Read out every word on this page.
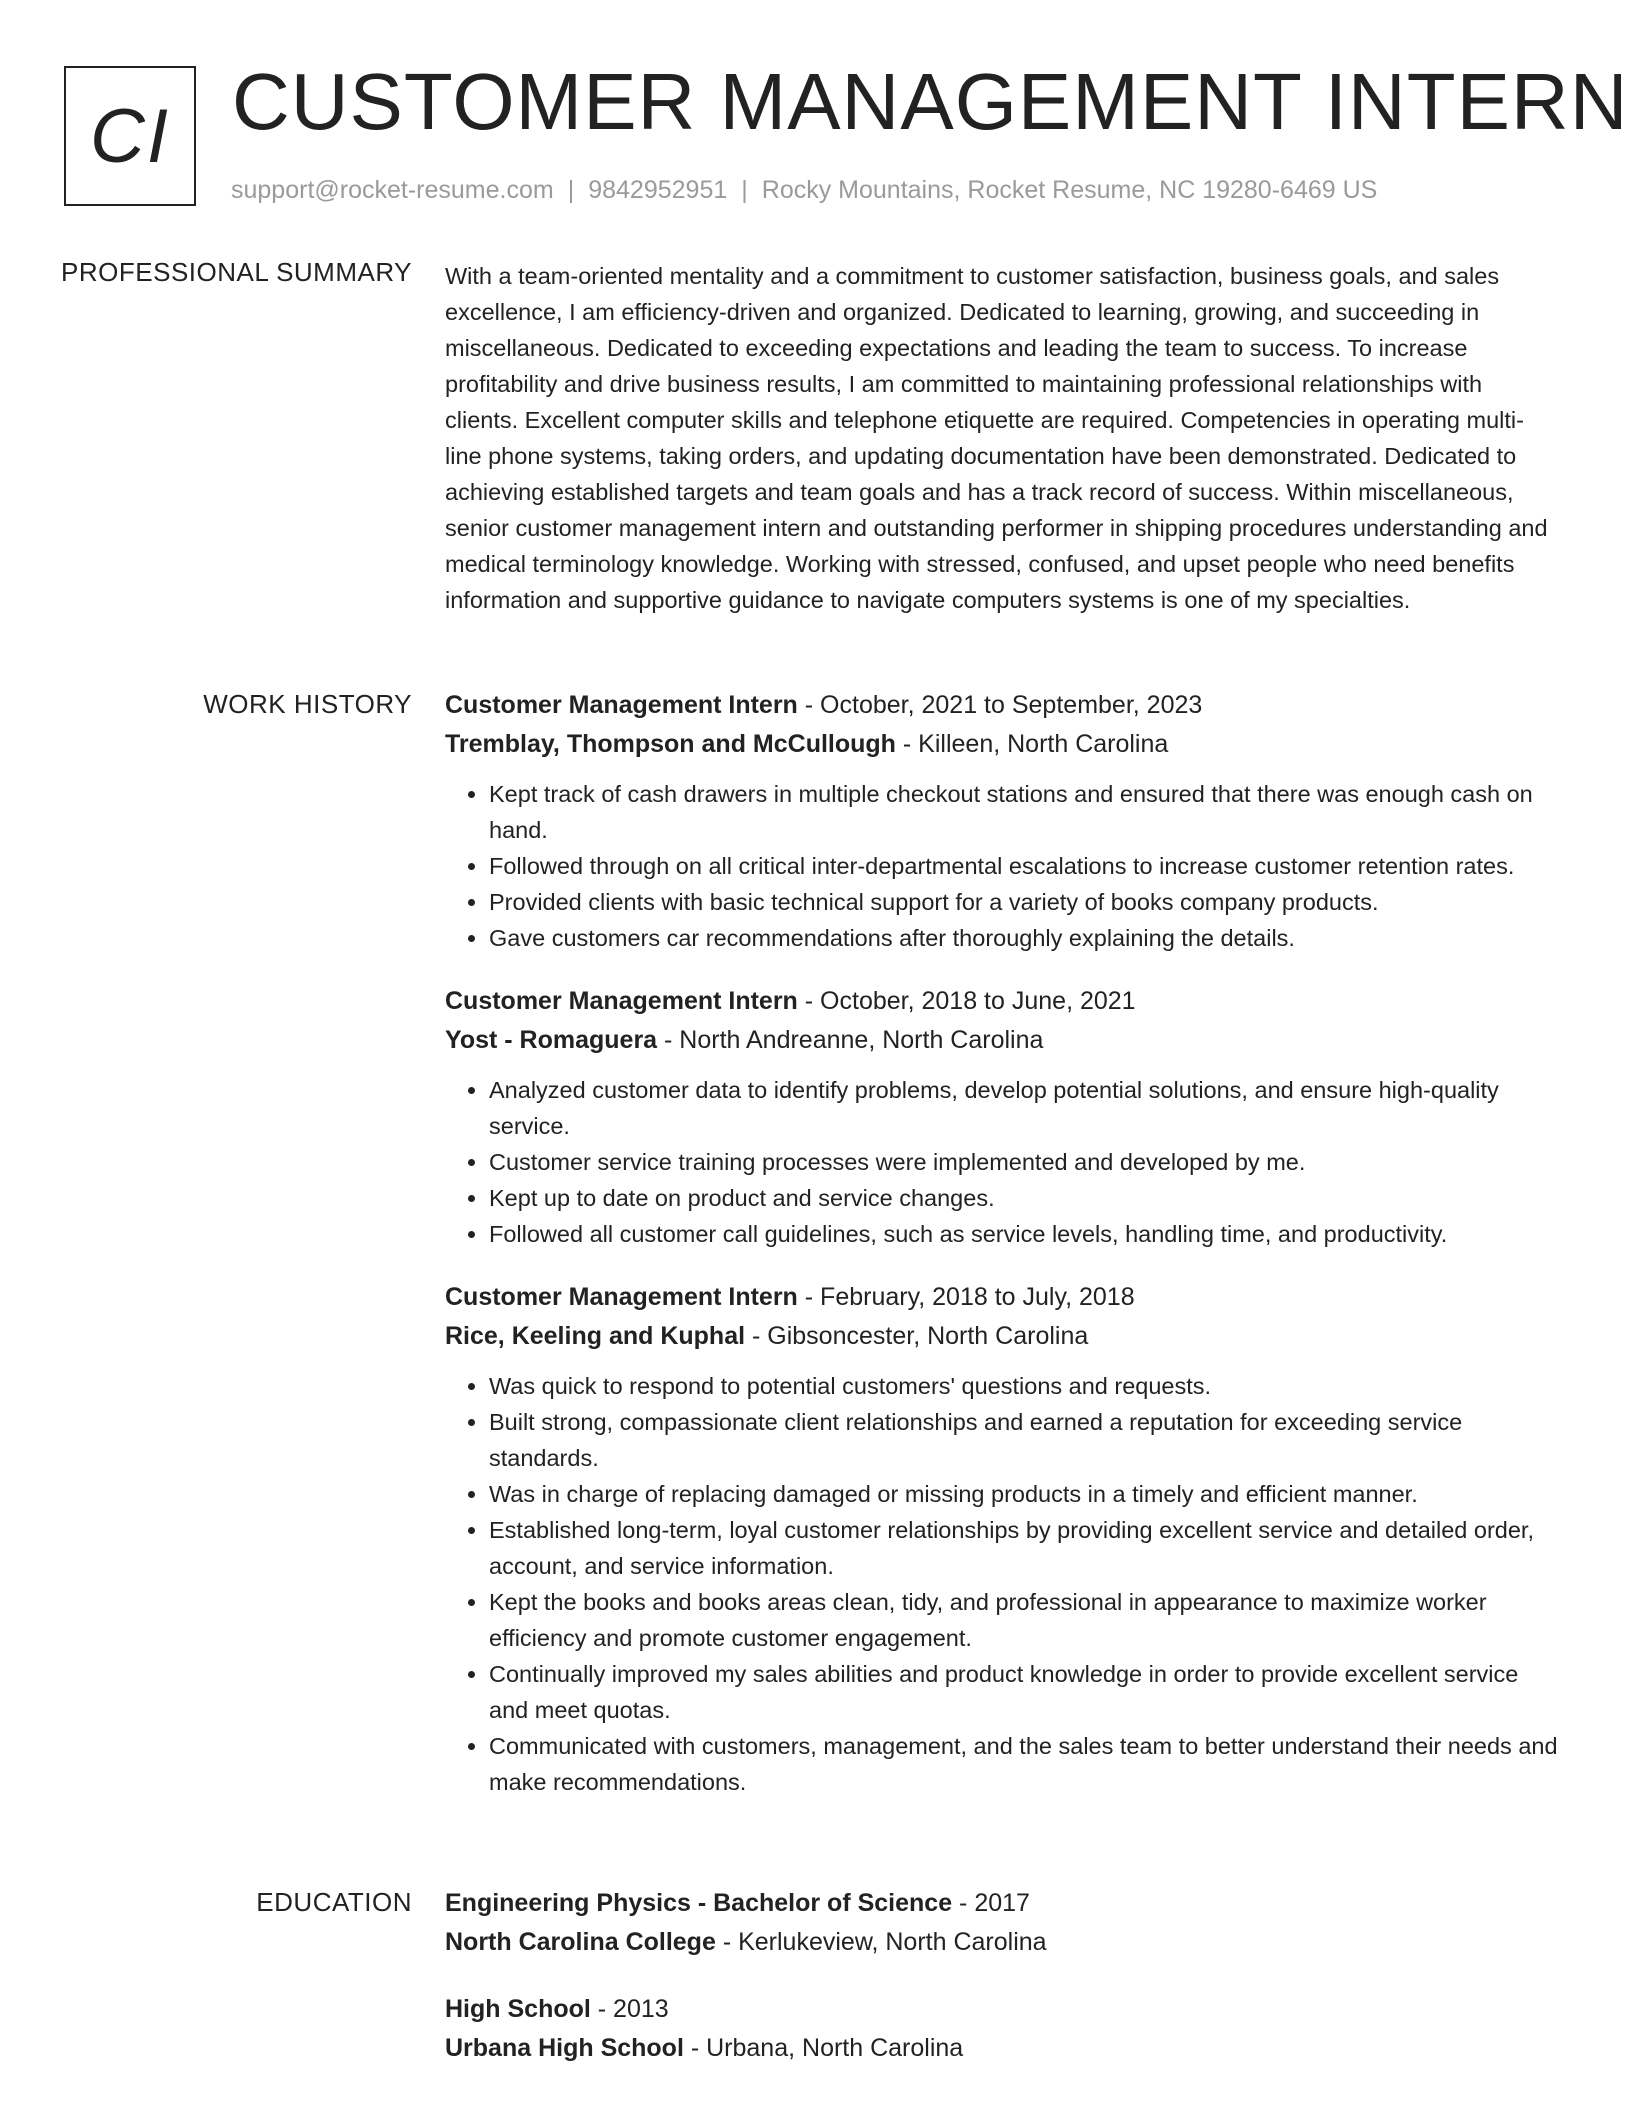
CI CUSTOMER MANAGEMENT INTERN
support@rocket-resume.com | 9842952951 | Rocky Mountains, Rocket Resume, NC 19280-6469 US
PROFESSIONAL SUMMARY With a team-oriented mentality and a commitment to customer satisfaction, business goals, and sales excellence, I am efficiency-driven and organized. Dedicated to learning, growing, and succeeding in miscellaneous. Dedicated to exceeding expectations and leading the team to success. To increase profitability and drive business results, I am committed to maintaining professional relationships with clients. Excellent computer skills and telephone etiquette are required. Competencies in operating multi-line phone systems, taking orders, and updating documentation have been demonstrated. Dedicated to achieving established targets and team goals and has a track record of success. Within miscellaneous, senior customer management intern and outstanding performer in shipping procedures understanding and medical terminology knowledge. Working with stressed, confused, and upset people who need benefits information and supportive guidance to navigate computers systems is one of my specialties.

WORK HISTORY Customer Management Intern - October, 2021 to September, 2023
Tremblay, Thompson and McCullough - Killeen, North Carolina
• Kept track of cash drawers in multiple checkout stations and ensured that there was enough cash on hand.
• Followed through on all critical inter-departmental escalations to increase customer retention rates.
• Provided clients with basic technical support for a variety of books company products.
• Gave customers car recommendations after thoroughly explaining the details.
Customer Management Intern - October, 2018 to June, 2021
Yost - Romaguera - North Andreanne, North Carolina
• Analyzed customer data to identify problems, develop potential solutions, and ensure high-quality service.
• Customer service training processes were implemented and developed by me.
• Kept up to date on product and service changes.
• Followed all customer call guidelines, such as service levels, handling time, and productivity.
Customer Management Intern - February, 2018 to July, 2018
Rice, Keeling and Kuphal - Gibsoncester, North Carolina
• Was quick to respond to potential customers' questions and requests.
• Built strong, compassionate client relationships and earned a reputation for exceeding service standards.
• Was in charge of replacing damaged or missing products in a timely and efficient manner.
• Established long-term, loyal customer relationships by providing excellent service and detailed order, account, and service information.
• Kept the books and books areas clean, tidy, and professional in appearance to maximize worker efficiency and promote customer engagement.
• Continually improved my sales abilities and product knowledge in order to provide excellent service and meet quotas.
• Communicated with customers, management, and the sales team to better understand their needs and make recommendations.
EDUCATION Engineering Physics - Bachelor of Science - 2017
North Carolina College - Kerlukeview, North Carolina
High School - 2013
Urbana High School - Urbana, North Carolina
